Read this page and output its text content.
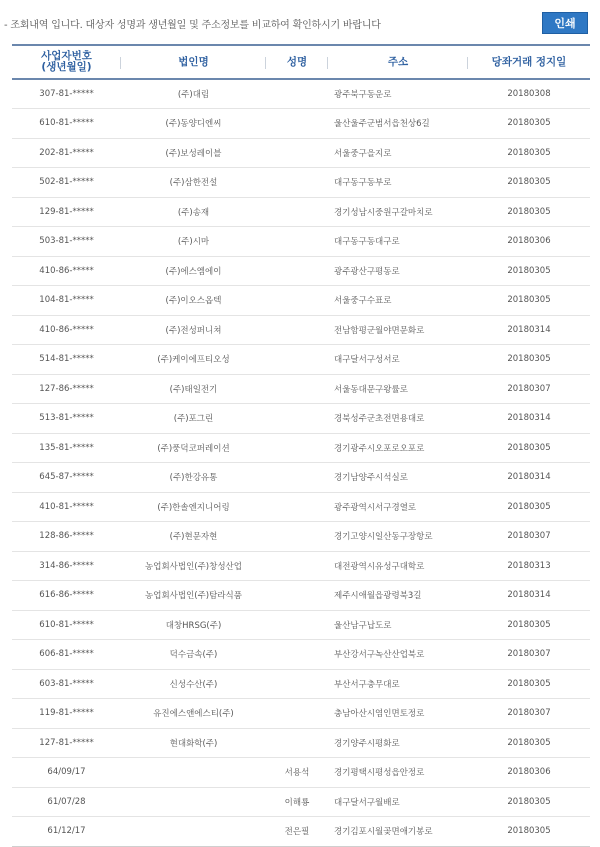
- 조회내역 입니다. 대상자 성명과 생년월일 및 주소정보를 비교하여 확인하시기 바랍니다	인쇄
사업자번호
(생년월일)	법인명	성명	주소	당좌거래 정지일
307-81-*****	(주)대림		광주북구동운로	20180308
610-81-*****	(주)동양디엔씨		울산울주군범서읍천상6길	20180305
202-81-*****	(주)보성레이블		서울중구을지로	20180305
502-81-*****	(주)삼한전설		대구동구동부로	20180305
129-81-*****	(주)송재		경기성남시중원구갈마치로	20180305
503-81-*****	(주)시마		대구동구동대구로	20180306
410-86-*****	(주)에스엠에이		광주광산구평동로	20180305
104-81-*****	(주)이오스옵텍		서울중구수표로	20180305
410-86-*****	(주)전성퍼니쳐		전남함평군월야면문화로	20180314
514-81-*****	(주)케이에프티오성		대구달서구성서로	20180305
127-86-*****	(주)태일전기		서울동대문구왕률로	20180307
513-81-*****	(주)포그린		경북성주군초전면용대로	20180314
135-81-*****	(주)풍덕코퍼레이션		경기광주시오포로오포로	20180305
645-87-*****	(주)한강유통		경기남양주시석실로	20180314
410-81-*****	(주)한솔엔지니어링		광주광역시서구경열로	20180305
128-86-*****	(주)현문자현		경기고양시일산동구장항로	20180307
314-86-*****	농업회사법인(주)창성산업		대전광역시유성구대학로	20180313
616-86-*****	농업회사법인(주)탐라식품		제주시애월읍광령북3길	20180314
610-81-*****	대창HRSG(주)		울산남구납도로	20180305
606-81-*****	덕수금속(주)		부산강서구녹산산업북로	20180307
603-81-*****	신성수산(주)		부산서구충무대로	20180305
119-81-*****	유진에스앤에스티(주)		충남아산시염인면토정로	20180307
127-81-*****	현대화학(주)		경기양주시평화로	20180305
64/09/17		서용석	경기평택시평성읍안정로	20180306
61/07/28		이해룡	대구달서구월배로	20180305
61/12/17		전은필	경기김포시월곶면애기봉로	20180305
